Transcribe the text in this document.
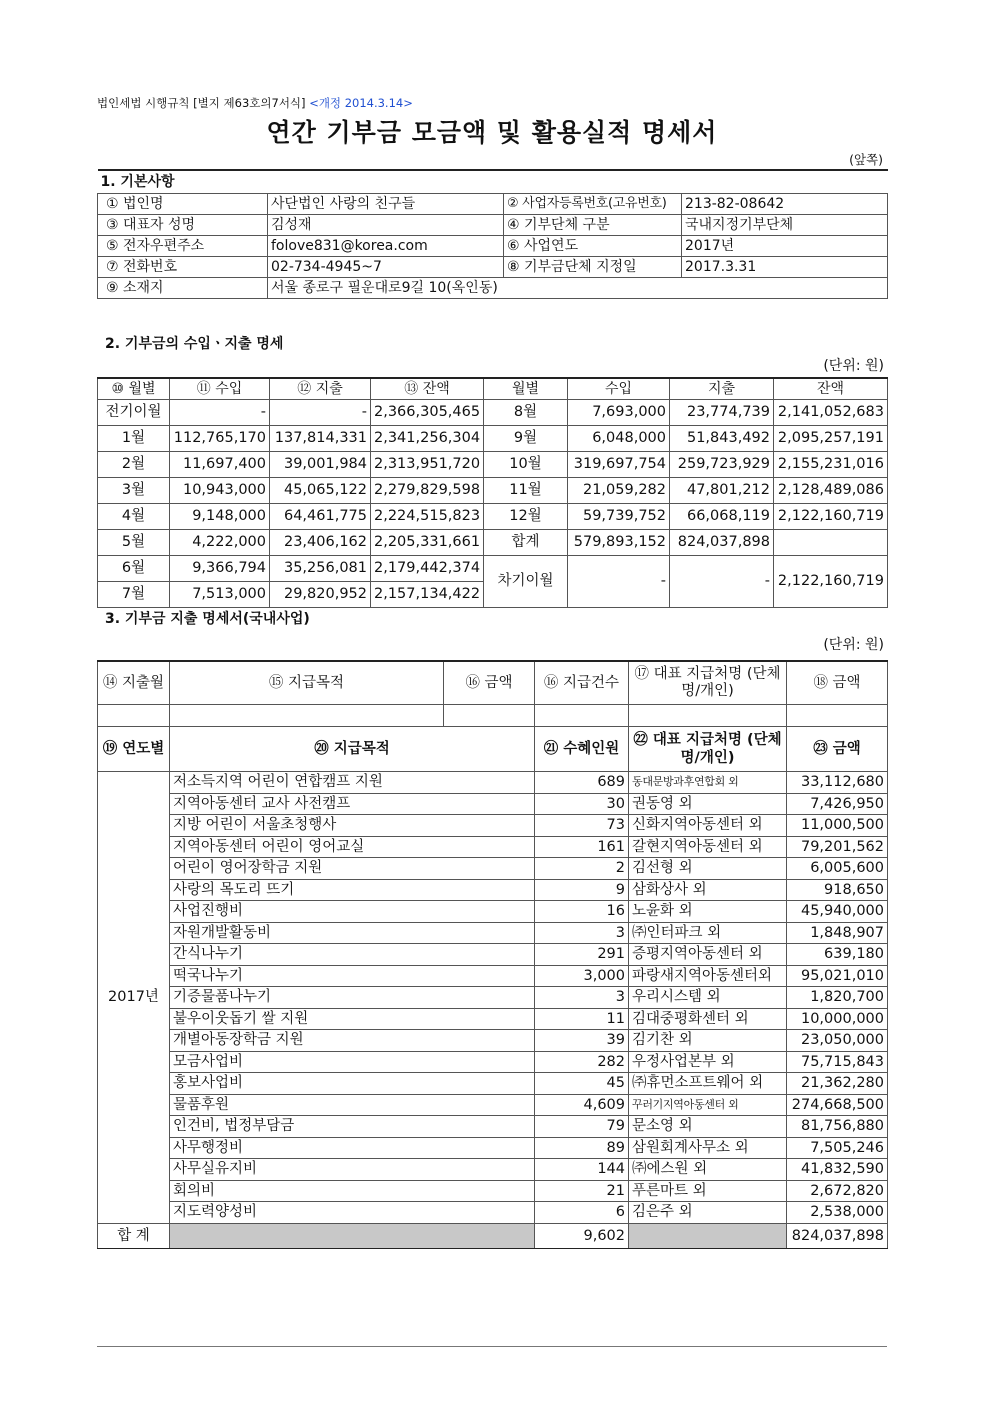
법인세법 시행규칙 [별지 제63호의7서식] <개정 2014.3.14>
연간 기부금 모금액 및 활용실적 명세서
(앞쪽)
1. 기본사항			
① 법인명	사단법인 사랑의 친구들	② 사업자등록번호(고유번호)	213-82-08642
③ 대표자 성명	김성재	④ 기부단체 구분	국내지정기부단체
⑤ 전자우편주소	folove831@korea.com	⑥ 사업연도	2017년
⑦ 전화번호	02-734-4945~7	⑧ 기부금단체 지정일	2017.3.31
⑨ 소재지	서울 종로구 필운대로9길 10(옥인동)		
2. 기부금의 수입ㆍ지출 명세
(단위: 원)
⑩ 월별	⑪ 수입	⑫ 지출	⑬ 잔액	월별	수입	지출	잔액
전기이월	-	-	2,366,305,465	8월	7,693,000	23,774,739	2,141,052,683
1월	112,765,170	137,814,331	2,341,256,304	9월	6,048,000	51,843,492	2,095,257,191
2월	11,697,400	39,001,984	2,313,951,720	10월	319,697,754	259,723,929	2,155,231,016
3월	10,943,000	45,065,122	2,279,829,598	11월	21,059,282	47,801,212	2,128,489,086
4월	9,148,000	64,461,775	2,224,515,823	12월	59,739,752	66,068,119	2,122,160,719
5월	4,222,000	23,406,162	2,205,331,661	합계	579,893,152	824,037,898	
6월	9,366,794	35,256,081	2,179,442,374	차기이월	-	-	2,122,160,719
7월	7,513,000	29,820,952	2,157,134,422				
3. 기부금 지출 명세서(국내사업)
(단위: 원)
⑭ 지출월	⑮ 지급목적	⑯ 금액	⑯ 지급건수	⑰ 대표 지급처명 (단체명/개인)	⑱ 금액

⑲ 연도별	⑳ 지급목적		㉑ 수혜인원	㉒ 대표 지급처명 (단체명/개인)	㉓ 금액
2017년	저소득지역 어린이 연합캠프 지원		689	동대문방과후연합회 외	33,112,680
	지역아동센터 교사 사전캠프		30	권동영 외	7,426,950
	지방 어린이 서울초청행사		73	신화지역아동센터 외	11,000,500
	지역아동센터 어린이 영어교실		161	갈현지역아동센터 외	79,201,562
	어린이 영어장학금 지원		2	김선형 외	6,005,600
	사랑의 목도리 뜨기		9	삼화상사 외	918,650
	사업진행비		16	노윤화 외	45,940,000
	자원개발활동비		3	㈜인터파크 외	1,848,907
	간식나누기		291	증평지역아동센터 외	639,180
	떡국나누기		3,000	파랑새지역아동센터외	95,021,010
	기증물품나누기		3	우리시스템 외	1,820,700
	불우이웃돕기 쌀 지원		11	김대중평화센터 외	10,000,000
	개별아동장학금 지원		39	김기찬 외	23,050,000
	모금사업비		282	우정사업본부 외	75,715,843
	홍보사업비		45	㈜휴먼소프트웨어 외	21,362,280
	물품후원		4,609	꾸러기지역아동센터 외	274,668,500
	인건비, 법정부담금		79	문소영 외	81,756,880
	사무행정비		89	삼원회계사무소 외	7,505,246
	사무실유지비		144	㈜에스원 외	41,832,590
	회의비		21	푸른마트 외	2,672,820
	지도력양성비		6	김은주 외	2,538,000
합 계			9,602		824,037,898
